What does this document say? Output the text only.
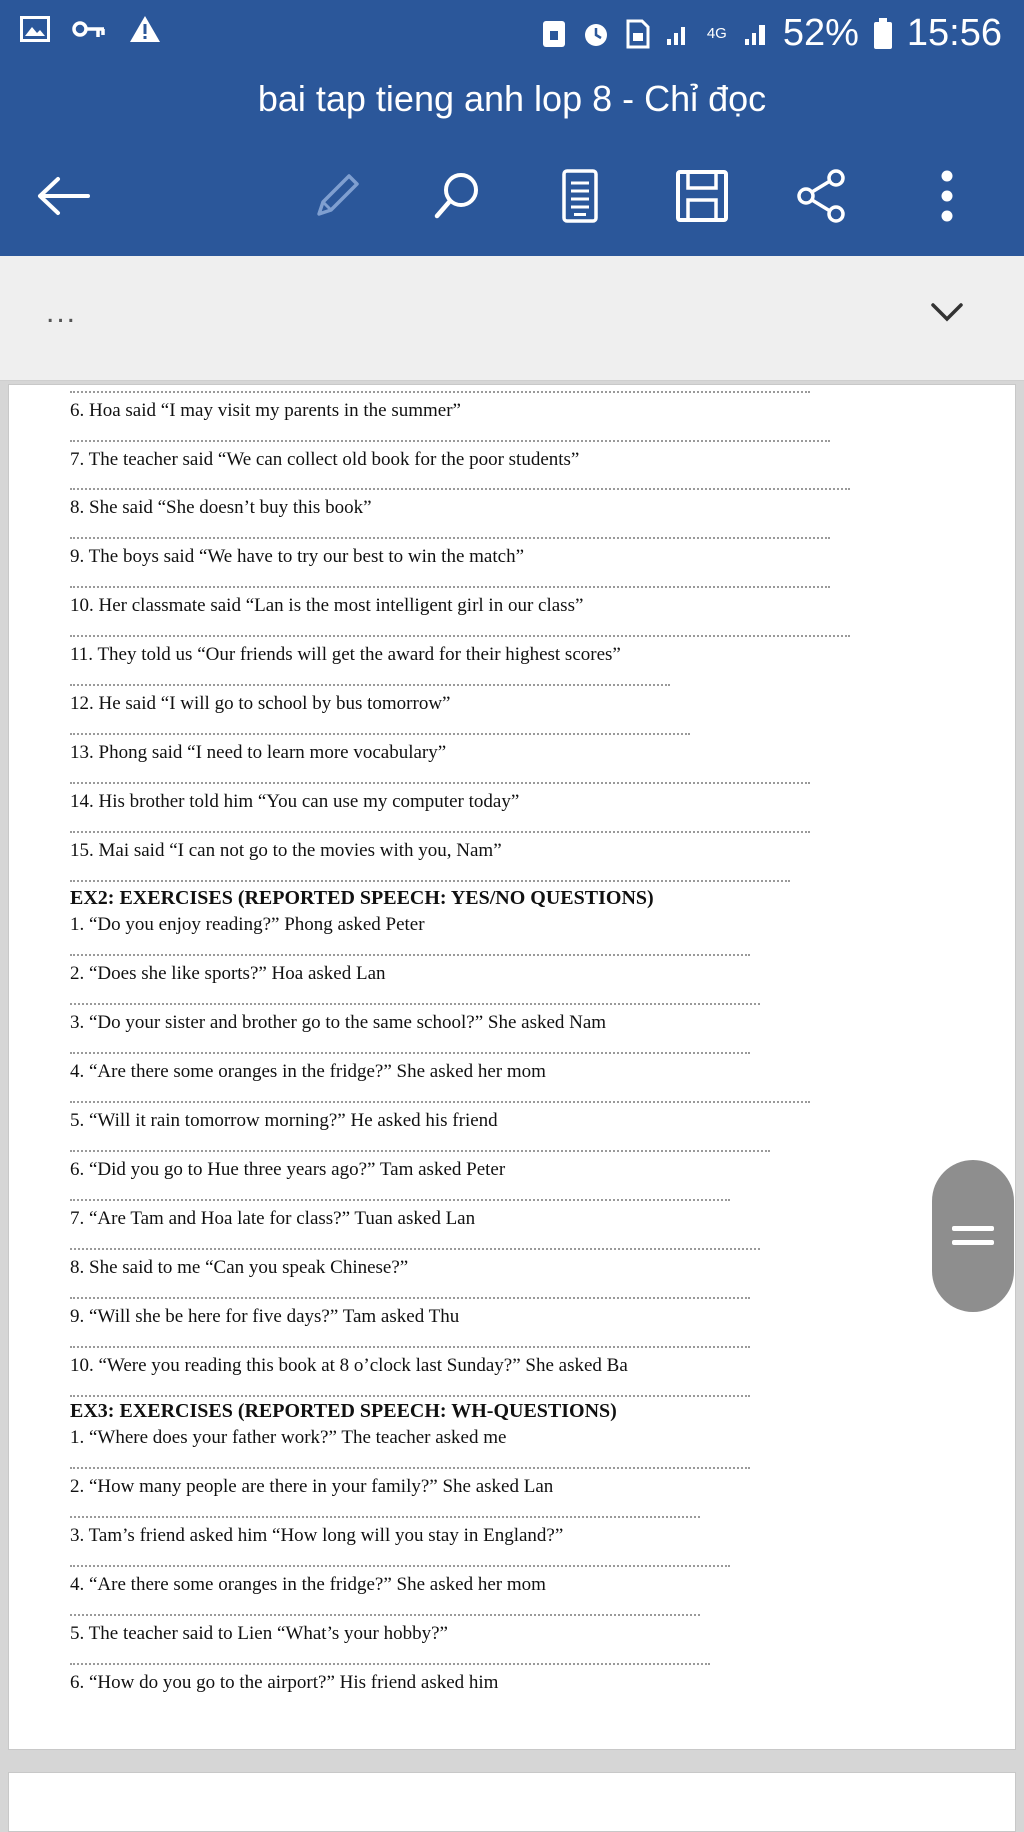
4G 52% 15:56
bai tap tieng anh lop 8 - Chỉ đọc
...
6. Hoa said “I may visit my parents in the summer”
7. The teacher said “We can collect old book for the poor students”
8. She said “She doesn’t buy this book”
9. The boys said “We have to try our best to win the match”
10. Her classmate said “Lan is the most intelligent girl in our class”
11. They told us “Our friends will get the award for their highest scores”
12. He said “I will go to school by bus tomorrow”
13. Phong said “I need to learn more vocabulary”
14. His brother told him “You can use my computer today”
15. Mai said “I can not go to the movies with you, Nam”
EX2: EXERCISES (REPORTED SPEECH: YES/NO QUESTIONS)
1. “Do you enjoy reading?” Phong asked Peter
2. “Does she like sports?” Hoa asked Lan
3. “Do your sister and brother go to the same school?” She asked Nam
4. “Are there some oranges in the fridge?” She asked her mom
5. “Will it rain tomorrow morning?” He asked his friend
6. “Did you go to Hue three years ago?” Tam asked Peter
7. “Are Tam and Hoa late for class?” Tuan asked Lan
8. She said to me “Can you speak Chinese?”
9. “Will she be here for five days?” Tam asked Thu
10. “Were you reading this book at 8 o’clock last Sunday?” She asked Ba
EX3: EXERCISES (REPORTED SPEECH: WH-QUESTIONS)
1. “Where does your father work?” The teacher asked me
2. “How many people are there in your family?” She asked Lan
3. Tam’s friend asked him “How long will you stay in England?”
4. “Are there some oranges in the fridge?” She asked her mom
5. The teacher said to Lien “What’s your hobby?”
6. “How do you go to the airport?” His friend asked him
